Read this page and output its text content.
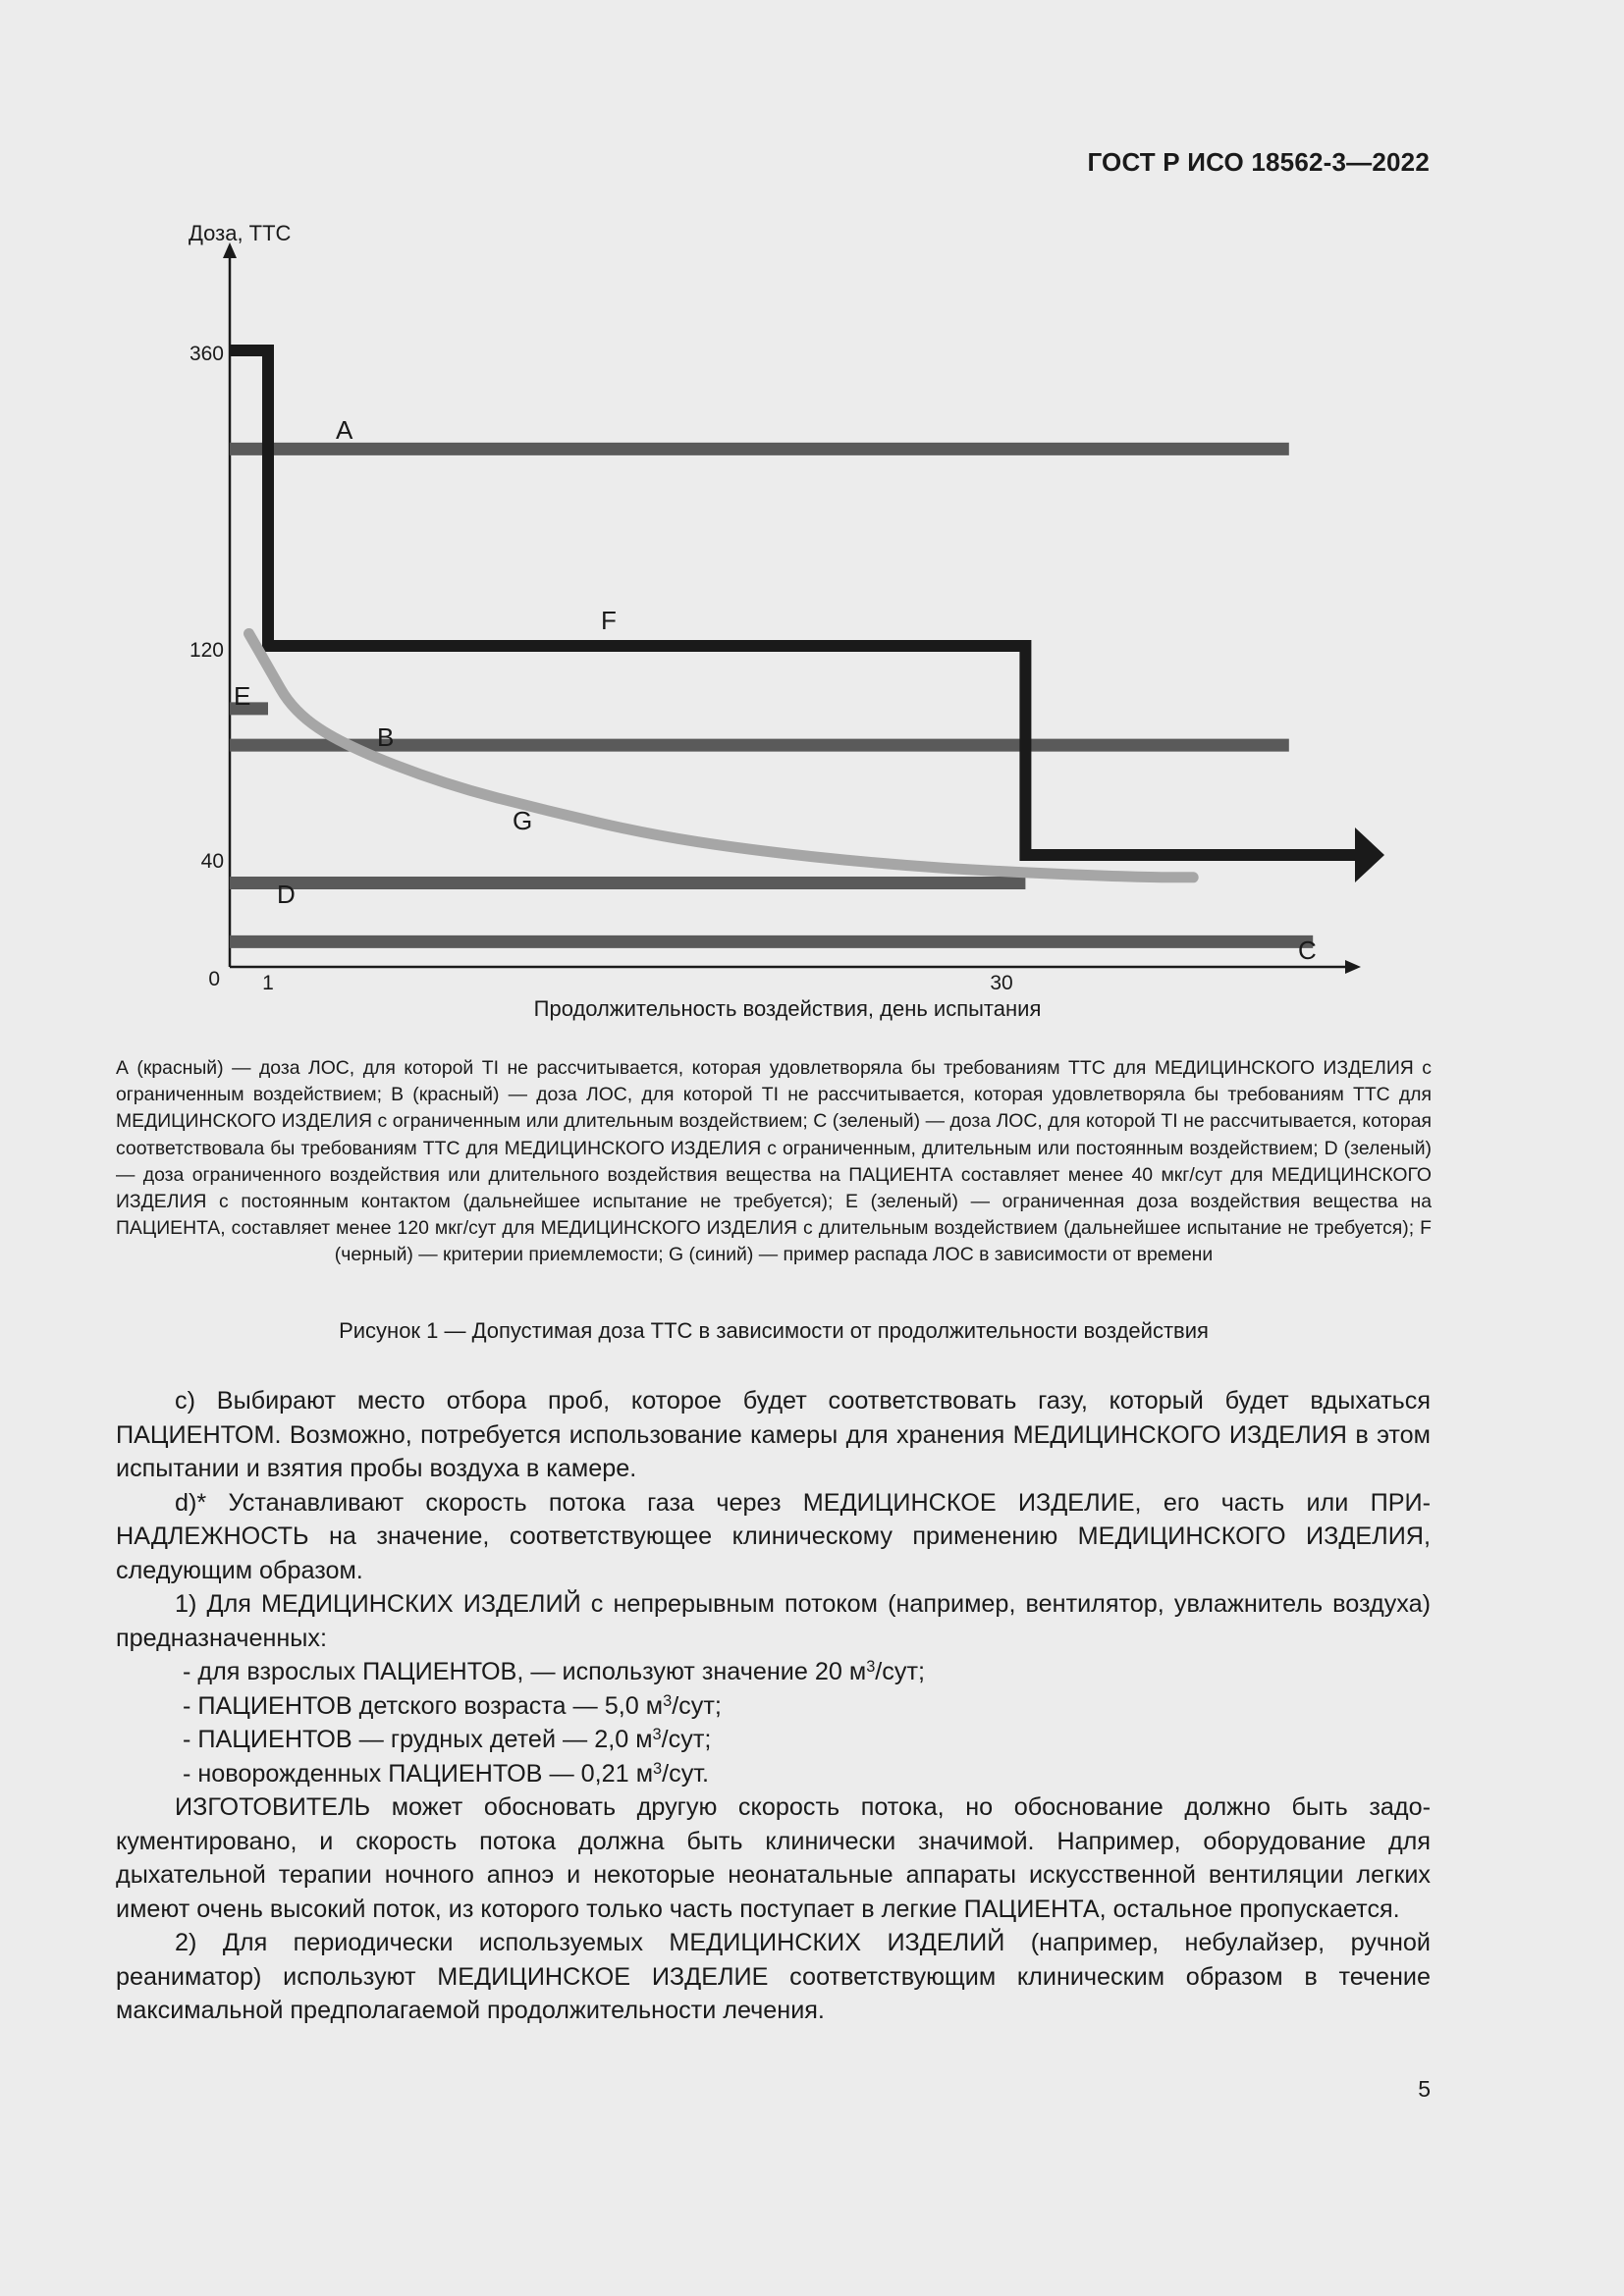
ГОСТ Р ИСО 18562-3—2022
Доза, ТТС
Продолжительность воздействия, день испытания
360
120
40
0 1	30
A
B
C
D
E
F
G
А (красный) — доза ЛОС, для которой TI не рассчитывается, которая удовлетворяла бы требованиям ТТС для МЕДИЦИНСКОГО ИЗДЕЛИЯ с ограниченным воздействием; В (красный) — доза ЛОС, для которой TI не рассчитывается, которая удовлетворяла бы требованиям ТТС для МЕДИЦИНСКОГО ИЗДЕЛИЯ с ограниченным или длительным воздействием; С (зеленый) — доза ЛОС, для которой TI не рассчитывается, которая соответствовала бы требованиям ТТС для МЕДИЦИНСКОГО ИЗДЕЛИЯ с ограниченным, длительным или постоянным воздействием; D (зеленый) — доза ограниченного воздействия или длительного воздействия вещества на ПАЦИЕНТА составляет менее 40 мкг/сут для МЕДИЦИНСКОГО ИЗДЕЛИЯ с постоянным контактом (дальнейшее испытание не требуется); Е (зеленый) — ограниченная доза воздействия вещества на ПАЦИЕНТА, составляет менее 120 мкг/сут для МЕДИЦИНСКОГО ИЗДЕЛИЯ с длительным воздействием (дальнейшее испытание не требуется); F (черный) — критерии приемлемости; G (синий) — пример распада ЛОС в зависимости от времени
Рисунок 1 — Допустимая доза ТТС в зависимости от продолжительности воздействия

c) Выбирают место отбора проб, которое будет соответствовать газу, который будет вдыхаться ПАЦИЕНТОМ. Возможно, потребуется использование камеры для хранения МЕДИЦИНСКОГО ИЗДЕЛИЯ в этом испытании и взятия пробы воздуха в камере.

d)* Устанавливают скорость потока газа через МЕДИЦИНСКОЕ ИЗДЕЛИЕ, его часть или ПРИНАДЛЕЖНОСТЬ на значение, соответствующее клиническому применению МЕДИЦИНСКОГО ИЗДЕЛИЯ, следующим образом.

1) Для МЕДИЦИНСКИХ ИЗДЕЛИЙ с непрерывным потоком (например, вентилятор, увлажнитель воздуха) предназначенных:

- для взрослых ПАЦИЕНТОВ, — используют значение 20 $м^3$/сут;

- ПАЦИЕНТОВ детского возраста — 5,0 $м^3$/сут;

- ПАЦИЕНТОВ — грудных детей — 2,0 $м^3$/сут;

- новорожденных ПАЦИЕНТОВ — 0,21 $м^3$/сут.

ИЗГОТОВИТЕЛЬ может обосновать другую скорость потока, но обоснование должно быть задокументировано, и скорость потока должна быть клинически значимой. Например, оборудование для дыхательной терапии ночного апноэ и некоторые неонатальные аппараты искусственной вентиляции легких имеют очень высокий поток, из которого только часть поступает в легкие ПАЦИЕНТА, остальное пропускается.

2) Для периодически используемых МЕДИЦИНСКИХ ИЗДЕЛИЙ (например, небулайзер, ручной реаниматор) используют МЕДИЦИНСКОЕ ИЗДЕЛИЕ соответствующим клиническим образом в течение максимальной предполагаемой продолжительности лечения.

5
